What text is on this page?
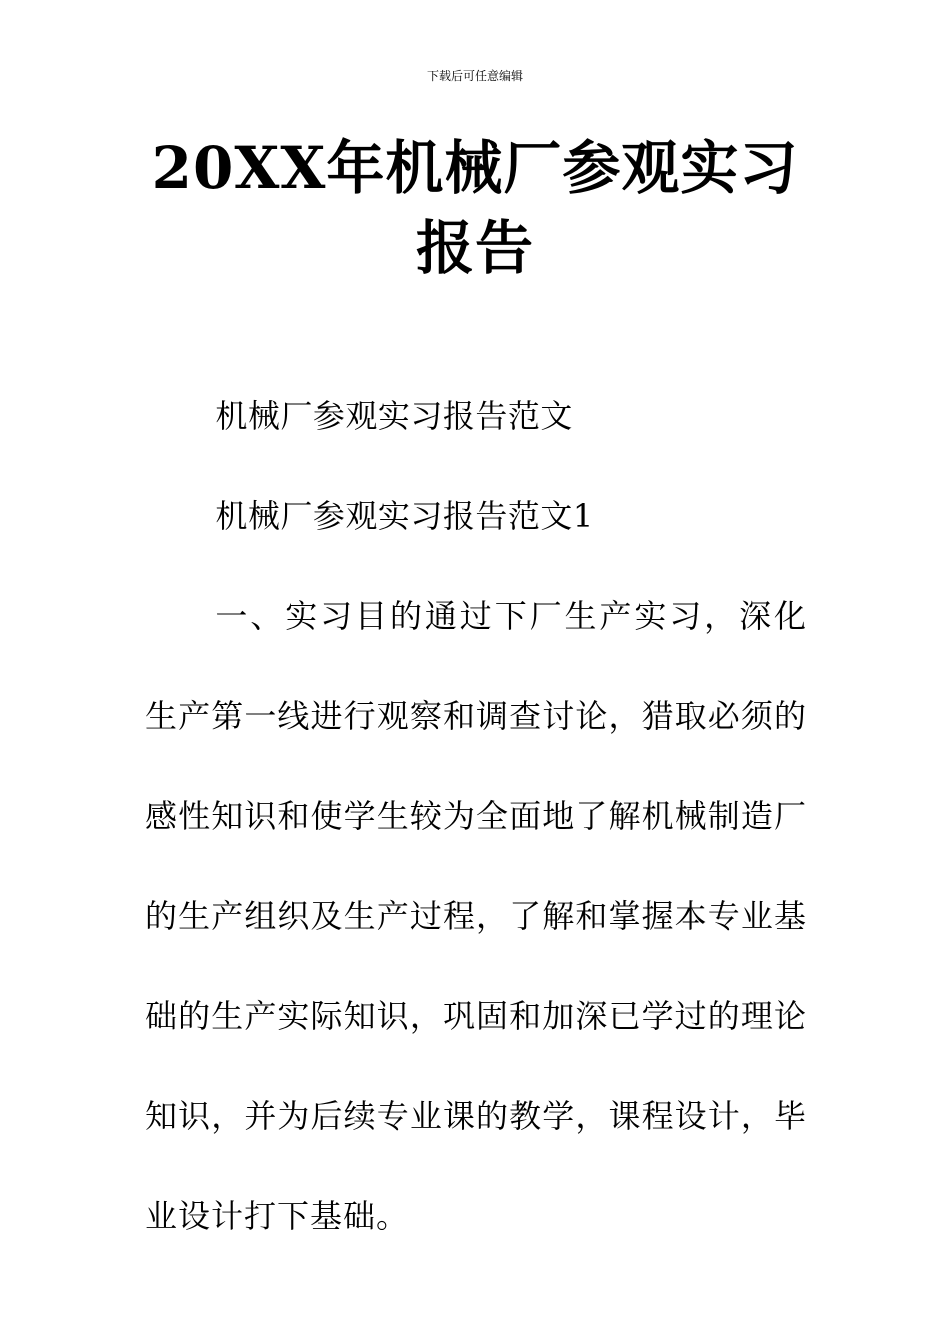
下载后可任意编辑
20XX年机械厂参观实习报告

机械厂参观实习报告范文

机械厂参观实习报告范文1

一、实习目的通过下厂生产实习，深化生产第一线进行观察和调查讨论，猎取必须的感性知识和使学生较为全面地了解机械制造厂的生产组织及生产过程，了解和掌握本专业基础的生产实际知识，巩固和加深已学过的理论知识，并为后续专业课的教学，课程设计，毕业设计打下基础。
